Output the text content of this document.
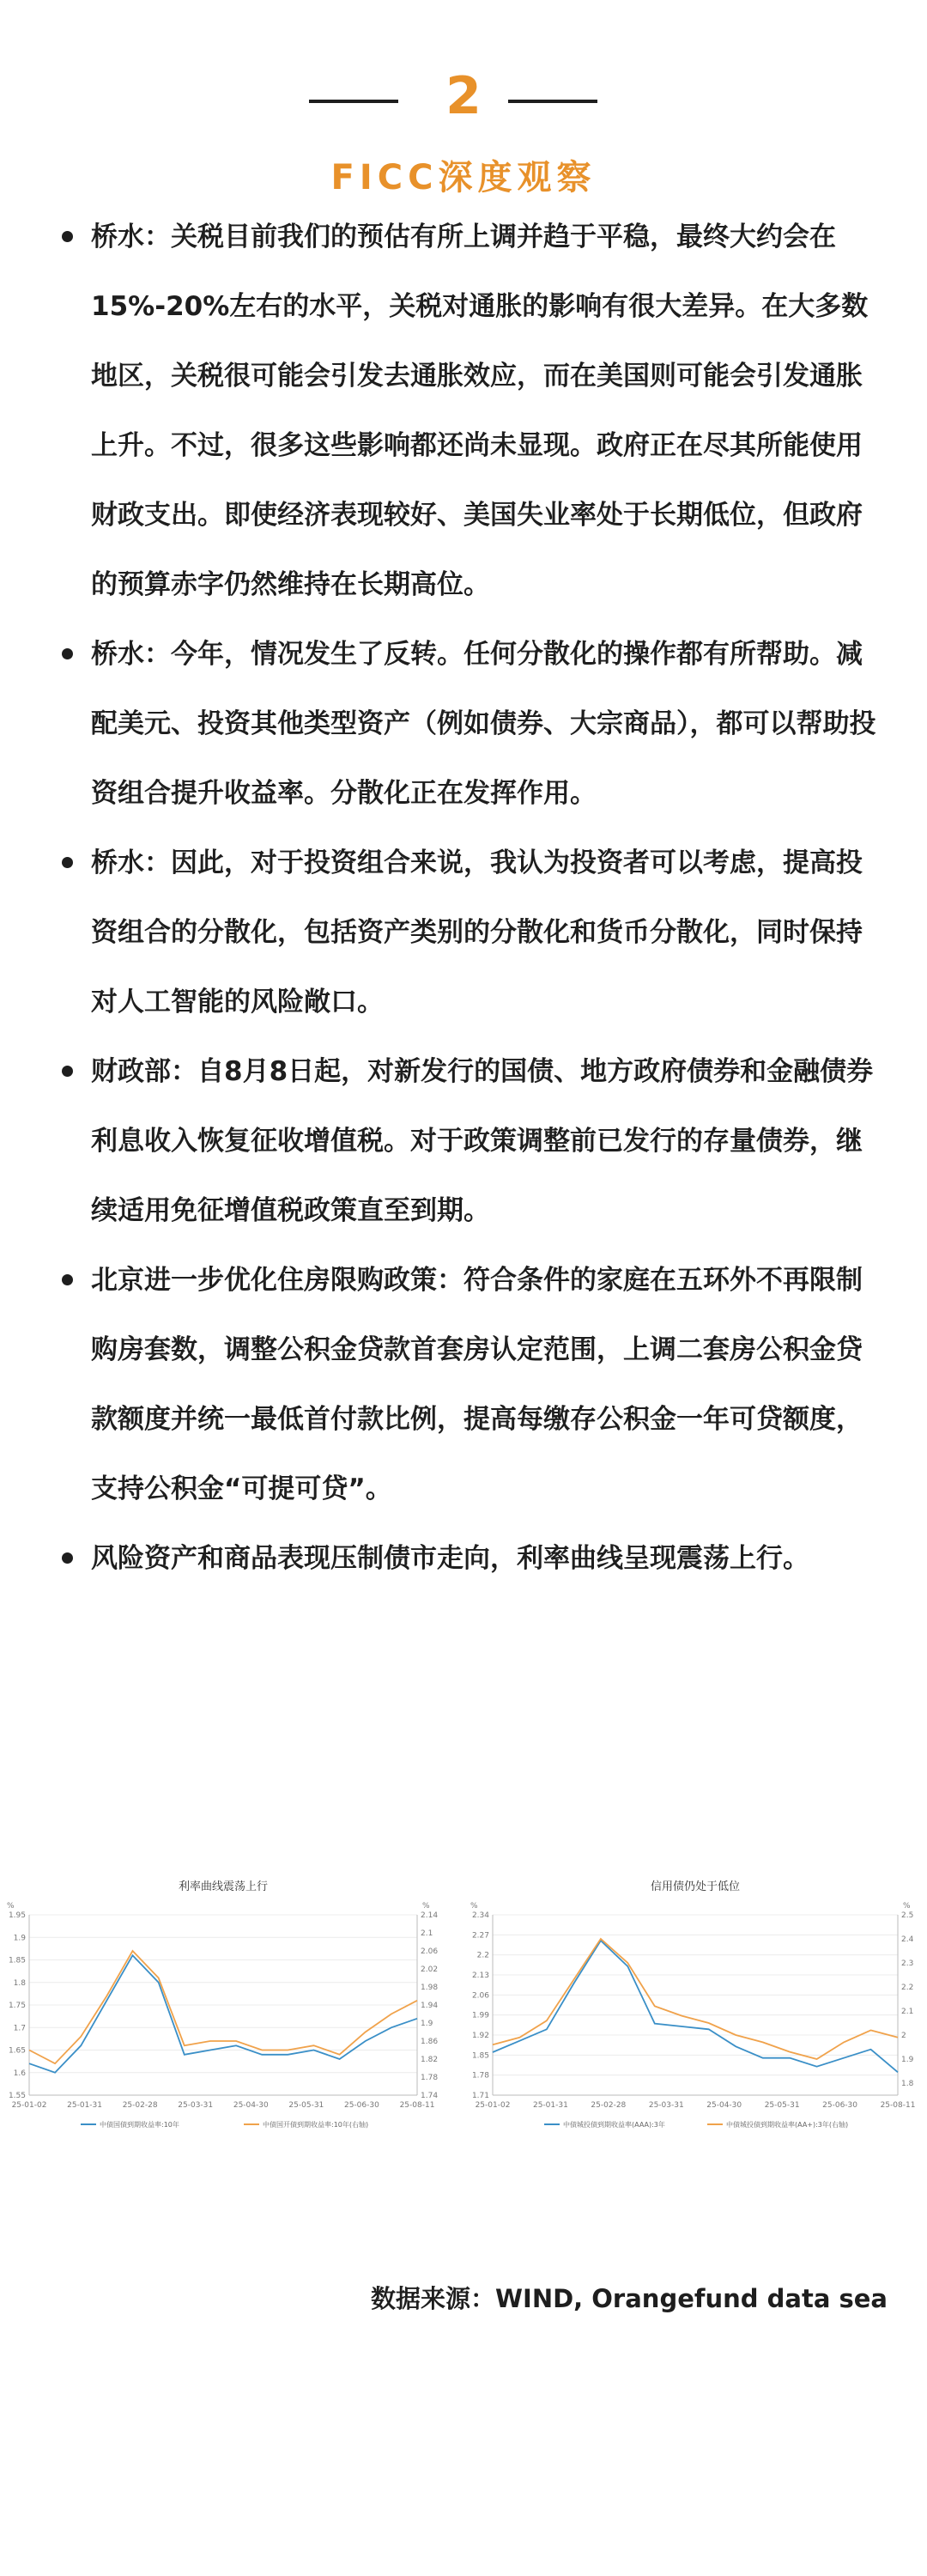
2
FICC深度观察
桥水：关税目前我们的预估有所上调并趋于平稳，最终大约会在15%-20%左右的水平，关税对通胀的影响有很大差异。在大多数地区，关税很可能会引发去通胀效应，而在美国则可能会引发通胀上升。不过，很多这些影响都还尚未显现。政府正在尽其所能使用财政支出。即使经济表现较好、美国失业率处于长期低位，但政府的预算赤字仍然维持在长期高位。
桥水：今年，情况发生了反转。任何分散化的操作都有所帮助。减配美元、投资其他类型资产（例如债券、大宗商品），都可以帮助投资组合提升收益率。分散化正在发挥作用。
桥水：因此，对于投资组合来说，我认为投资者可以考虑，提高投资组合的分散化，包括资产类别的分散化和货币分散化，同时保持对人工智能的风险敞口。
财政部：自8月8日起，对新发行的国债、地方政府债券和金融债券利息收入恢复征收增值税。对于政策调整前已发行的存量债券，继续适用免征增值税政策直至到期。
北京进一步优化住房限购政策：符合条件的家庭在五环外不再限制购房套数，调整公积金贷款首套房认定范围，上调二套房公积金贷款额度并统一最低首付款比例，提高每缴存公积金一年可贷额度，支持公积金“可提可贷”。
风险资产和商品表现压制债市走向，利率曲线呈现震荡上行。
利率曲线震荡上行
%	%
1.55
1.6
1.65
1.7
1.75
1.8
1.85
1.9
1.95
1.74
1.78
1.82
1.86
1.9
1.94
1.98
2.02
2.06
2.1
2.14
25-01-02	25-01-31	25-02-28	25-03-31	25-04-30	25-05-31	25-06-30	25-08-11
中债国债到期收益率:10年	中债国开债到期收益率:10年(右轴)
信用债仍处于低位
%	%
1.71
1.78
1.85
1.92
1.99
2.06
2.13
2.2
2.27
2.34
1.8
1.9
2
2.1
2.2
2.3
2.4
2.5
25-01-02	25-01-31	25-02-28	25-03-31	25-04-30	25-05-31	25-06-30	25-08-11
中债城投债到期收益率(AAA):3年	中债城投债到期收益率(AA+):3年(右轴)
数据来源：WIND, Orangefund data sea
